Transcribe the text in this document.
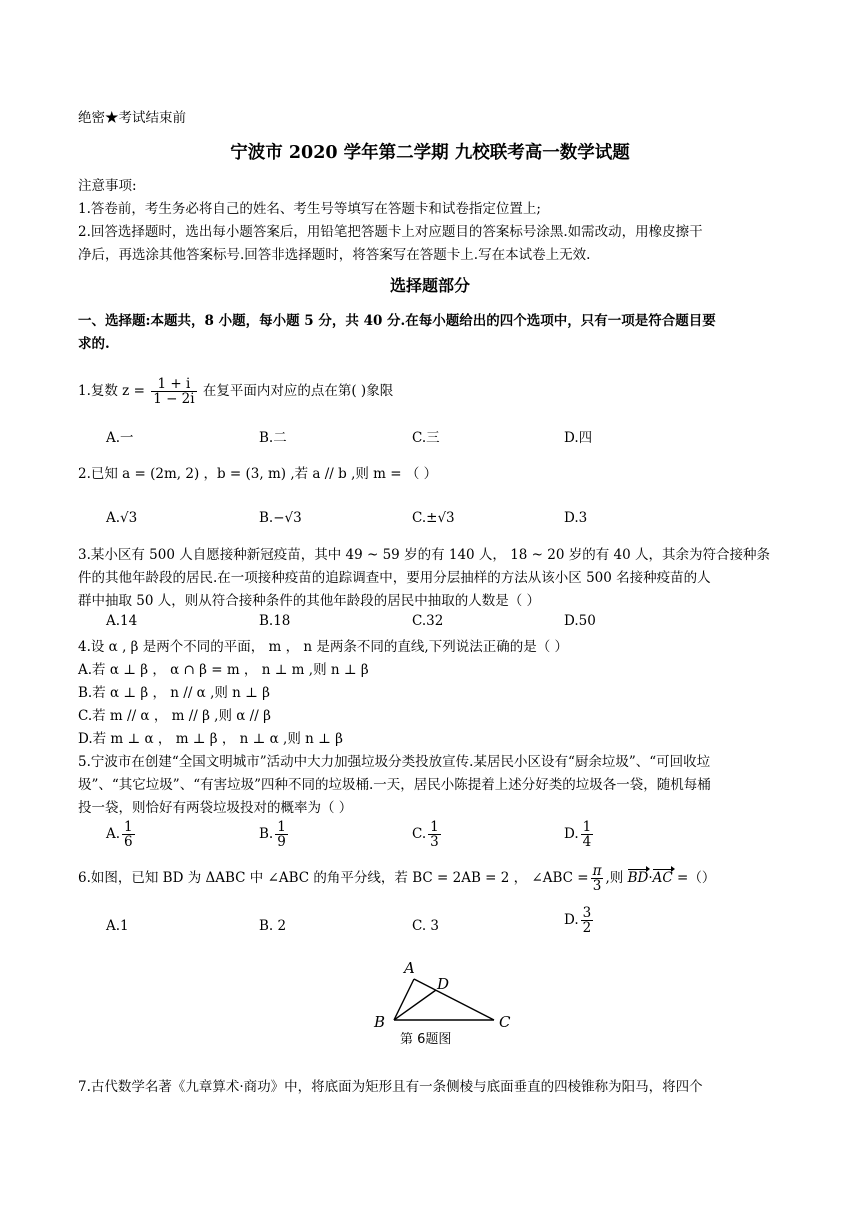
绝密★考试结束前
宁波市 2020 学年第二学期 九校联考高一数学试题
注意事项:
1.答卷前，考生务必将自己的姓名、考生号等填写在答题卡和试卷指定位置上;
2.回答选择题时，选出每小题答案后，用铅笔把答题卡上对应题目的答案标号涂黑.如需改动，用橡皮擦干
净后，再选涂其他答案标号.回答非选择题时，将答案写在答题卡上.写在本试卷上无效.
选择题部分
一、选择题:本题共，8 小题，每小题 5 分，共 40 分.在每小题给出的四个选项中，只有一项是符合题目要
求的.
1.复数 $z = \frac{1 + i}{1 - 2i}$ 在复平面内对应的点在第( )象限
A.一	B.二	C.三	D.四
2.已知 a = (2m, 2) ，b = (3, m) ,若 a // b ,则 m = （ ）
A.√3	B.−√3	C.±√3	D.3
3.某小区有 500 人自愿接种新冠疫苗，其中 49 ~ 59 岁的有 140 人， 18 ~ 20 岁的有 40 人，其余为符合接种条
件的其他年龄段的居民.在一项接种疫苗的追踪调查中，要用分层抽样的方法从该小区 500 名接种疫苗的人
群中抽取 50 人，则从符合接种条件的其他年龄段的居民中抽取的人数是（ ）
A.14	B.18	C.32	D.50
4.设 α , β 是两个不同的平面， m ， n 是两条不同的直线,下列说法正确的是（ ）
A.若 α ⊥ β ， α ∩ β = m ， n ⊥ m ,则 n ⊥ β
B.若 α ⊥ β ， n // α ,则 n ⊥ β
C.若 m // α ， m // β ,则 α // β
D.若 m ⊥ α ， m ⊥ β ， n ⊥ α ,则 n ⊥ β
5.宁波市在创建“全国文明城市”活动中大力加强垃圾分类投放宣传.某居民小区设有“厨余垃圾”、“可回收垃
圾”、“其它垃圾”、“有害垃圾”四种不同的垃圾桶.一天，居民小陈提着上述分好类的垃圾各一袋，随机每桶
投一袋，则恰好有两袋垃圾投对的概率为（ ）
A. $\frac{1}{6}$	B. $\frac{1}{9}$	C. $\frac{1}{3}$	D. $\frac{1}{4}$
6.如图，已知 BD 为 ΔABC 中 ∠ABC 的角平分线，若 BC = 2AB = 2 ， ∠ABC = $\frac{\pi}{3}$ ,则 BD·AC =（）
A.1	B. 2	C. 3	D. $\frac{3}{2}$
A
D
B	C
第 6题图
7.古代数学名著《九章算术·商功》中，将底面为矩形且有一条侧棱与底面垂直的四棱锥称为阳马，将四个
